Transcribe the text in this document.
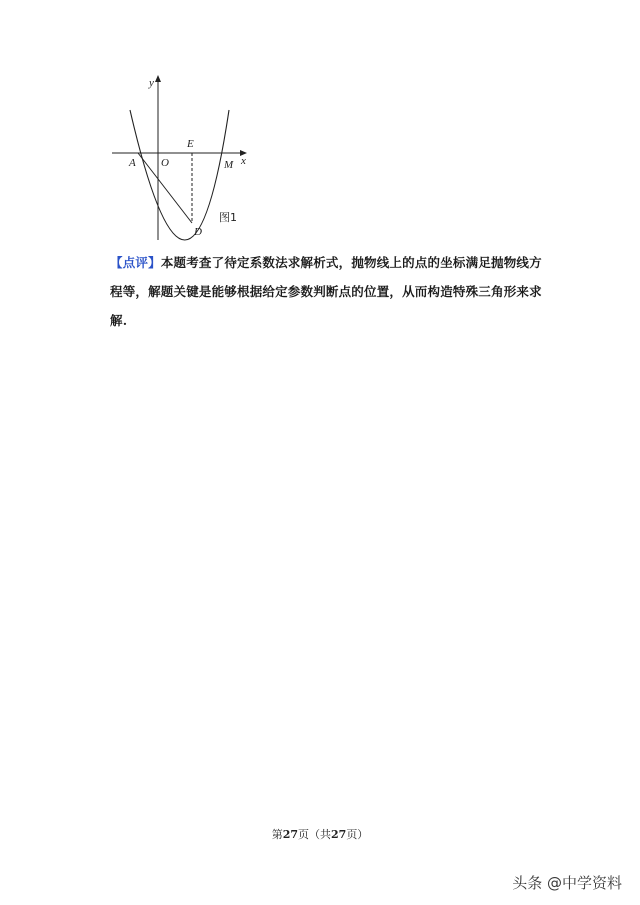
y
x
A O
E
M
D
图1
【点评】本题考查了待定系数法求解析式，抛物线上的点的坐标满足抛物线方程等，解题关键是能够根据给定参数判断点的位置，从而构造特殊三角形来求解.
第27页（共27页）
头条 @中学资料
